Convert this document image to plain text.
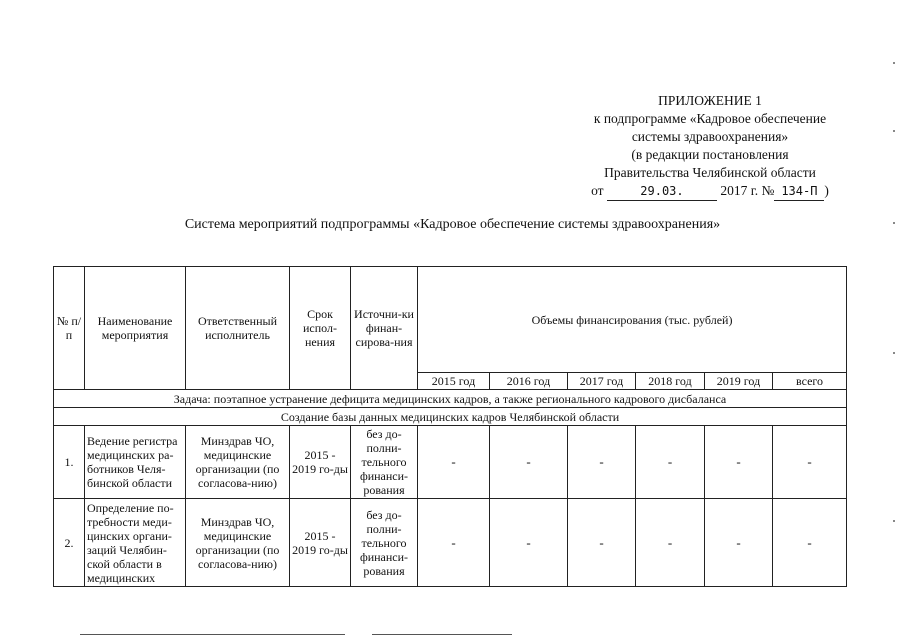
ПРИЛОЖЕНИЕ 1
к подпрограмме «Кадровое обеспечение
системы здравоохранения»
(в редакции постановления
Правительства Челябинской области
от	29.03.	2017 г. № 134-П )
Система мероприятий подпрограммы «Кадровое обеспечение системы здравоохранения»
№ п/п	Наименование мероприятия	Ответственный исполнитель	Срок испол-нения	Источни-ки финан-сирова-ния	Объемы финансирования (тыс. рублей)					
					2015 год	2016 год	2017 год	2018 год	2019 год	всего
Задача: поэтапное устранение дефицита медицинских кадров, а также регионального кадрового дисбаланса										
Создание базы данных медицинских кадров Челябинской области										
1.	Ведение регистра медицинских ра-ботников Челя-бинской области	Минздрав ЧО, медицинские организации (по согласова-нию)	2015 - 2019 го-ды	без до-полни-тельного финанси-рования	-	-	-	-	-	-
2.	Определение по-требности меди-цинских органи-заций Челябин-ской области в медицинских	Минздрав ЧО, медицинские организации (по согласова-нию)	2015 - 2019 го-ды	без до-полни-тельного финанси-рования	-	-	-	-	-	-
